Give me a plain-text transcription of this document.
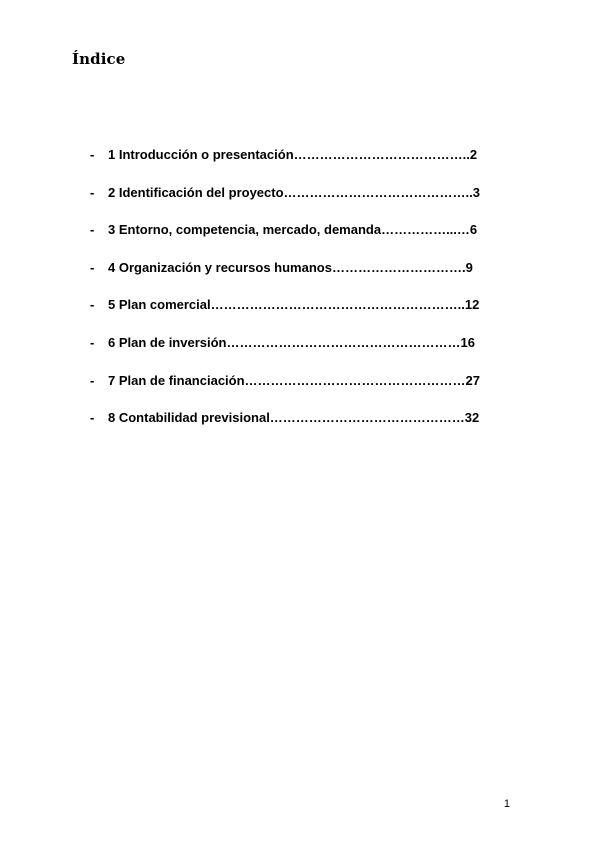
Índice
- 1 Introducción o presentación…………………………………..2
- 2 Identificación del proyecto……………………………………..3
- 3 Entorno, competencia, mercado, demanda……………...…6
- 4 Organización y recursos humanos………………………….9
- 5 Plan comercial…………………………………………………..12
- 6 Plan de inversión………………………………………………16
- 7 Plan de financiación……………………………………………27
- 8 Contabilidad previsional………………………………………32
1
